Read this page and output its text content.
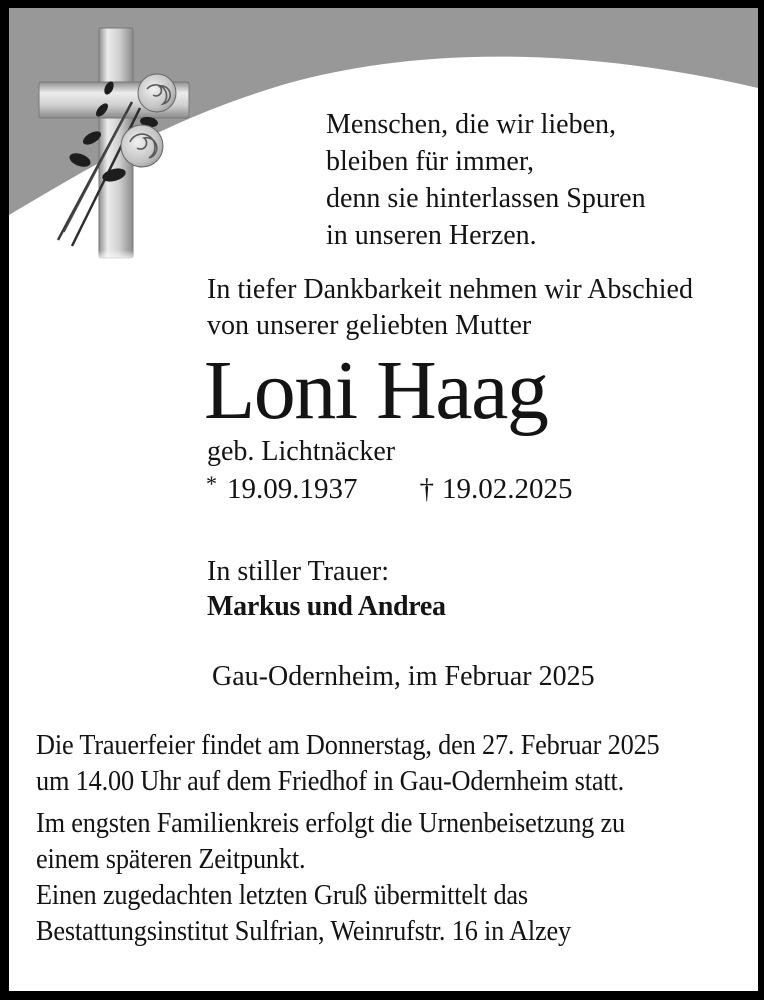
Menschen, die wir lieben,
bleiben für immer,
denn sie hinterlassen Spuren
in unseren Herzen.
In tiefer Dankbarkeit nehmen wir Abschied
von unserer geliebten Mutter
Loni Haag
geb. Lichtnäcker
* 19.09.1937 † 19.02.2025
In stiller Trauer:
Markus und Andrea
Gau-Odernheim, im Februar 2025
Die Trauerfeier findet am Donnerstag, den 27. Februar 2025
um 14.00 Uhr auf dem Friedhof in Gau-Odernheim statt.
Im engsten Familienkreis erfolgt die Urnenbeisetzung zu
einem späteren Zeitpunkt.
Einen zugedachten letzten Gruß übermittelt das
Bestattungsinstitut Sulfrian, Weinrufstr. 16 in Alzey
